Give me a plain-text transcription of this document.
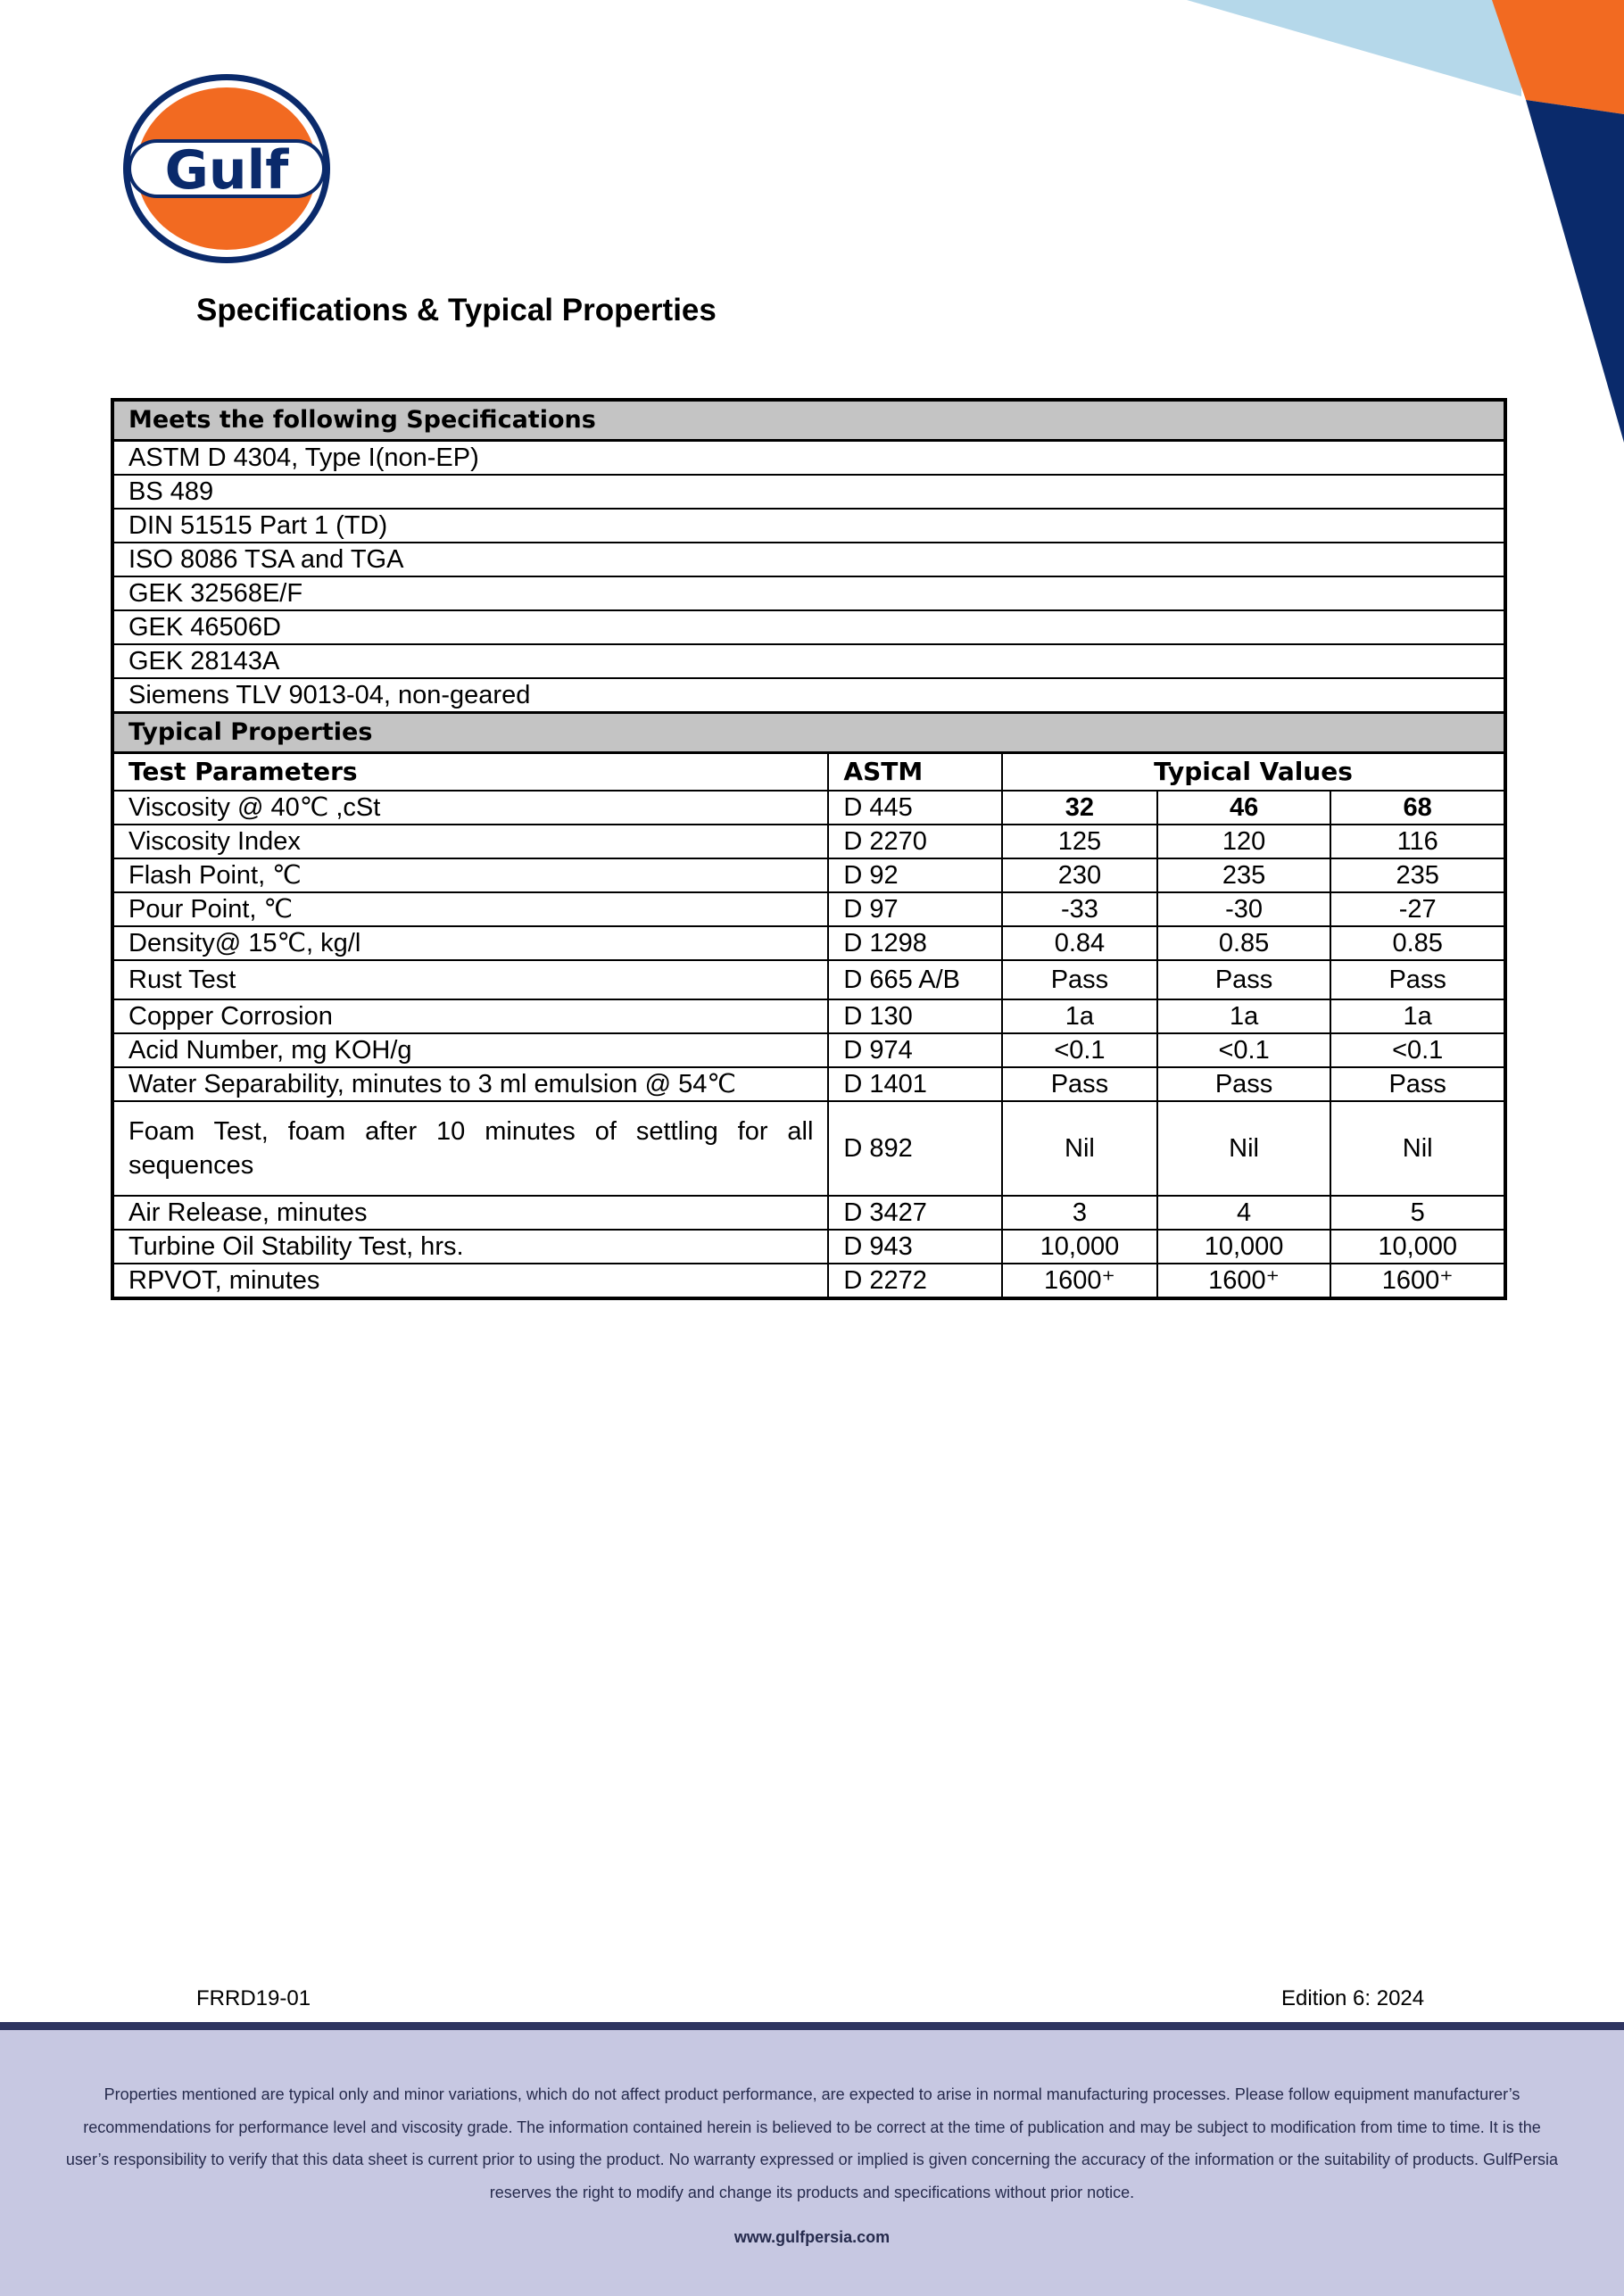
Gulf
Specifications & Typical Properties
Meets the following Specifications				
ASTM D 4304, Type I(non-EP)				
BS 489				
DIN 51515 Part 1 (TD)				
ISO 8086 TSA and TGA				
GEK 32568E/F				
GEK 46506D				
GEK 28143A				
Siemens TLV 9013-04, non-geared				
Typical Properties				
Test Parameters	ASTM	Typical Values		
Viscosity @ 40℃ ,cSt	D 445	32	46	68
Viscosity Index	D 2270	125	120	116
Flash Point, ℃	D 92	230	235	235
Pour Point, ℃	D 97	-33	-30	-27
Density@ 15℃, kg/l	D 1298	0.84	0.85	0.85
Rust Test	D 665 A/B	Pass	Pass	Pass
Copper Corrosion	D 130	1a	1a	1a
Acid Number, mg KOH/g	D 974	<0.1	<0.1	<0.1
Water Separability, minutes to 3 ml emulsion @ 54℃	D 1401	Pass	Pass	Pass
Foam Test, foam after 10 minutes of settling for all sequences	D 892	Nil	Nil	Nil
Air Release, minutes	D 3427	3	4	5
Turbine Oil Stability Test, hrs.	D 943	10,000	10,000	10,000
RPVOT, minutes	D 2272	1600⁺	1600⁺	1600⁺
FRRD19-01	Edition 6: 2024

Properties mentioned are typical only and minor variations, which do not affect product performance, are expected to arise in normal manufacturing processes. Please follow equipment manufacturer’s recommendations for performance level and viscosity grade. The information contained herein is believed to be correct at the time of publication and may be subject to modification from time to time. It is the user’s responsibility to verify that this data sheet is current prior to using the product. No warranty expressed or implied is given concerning the accuracy of the information or the suitability of products. GulfPersia reserves the right to modify and change its products and specifications without prior notice.

www.gulfpersia.com
